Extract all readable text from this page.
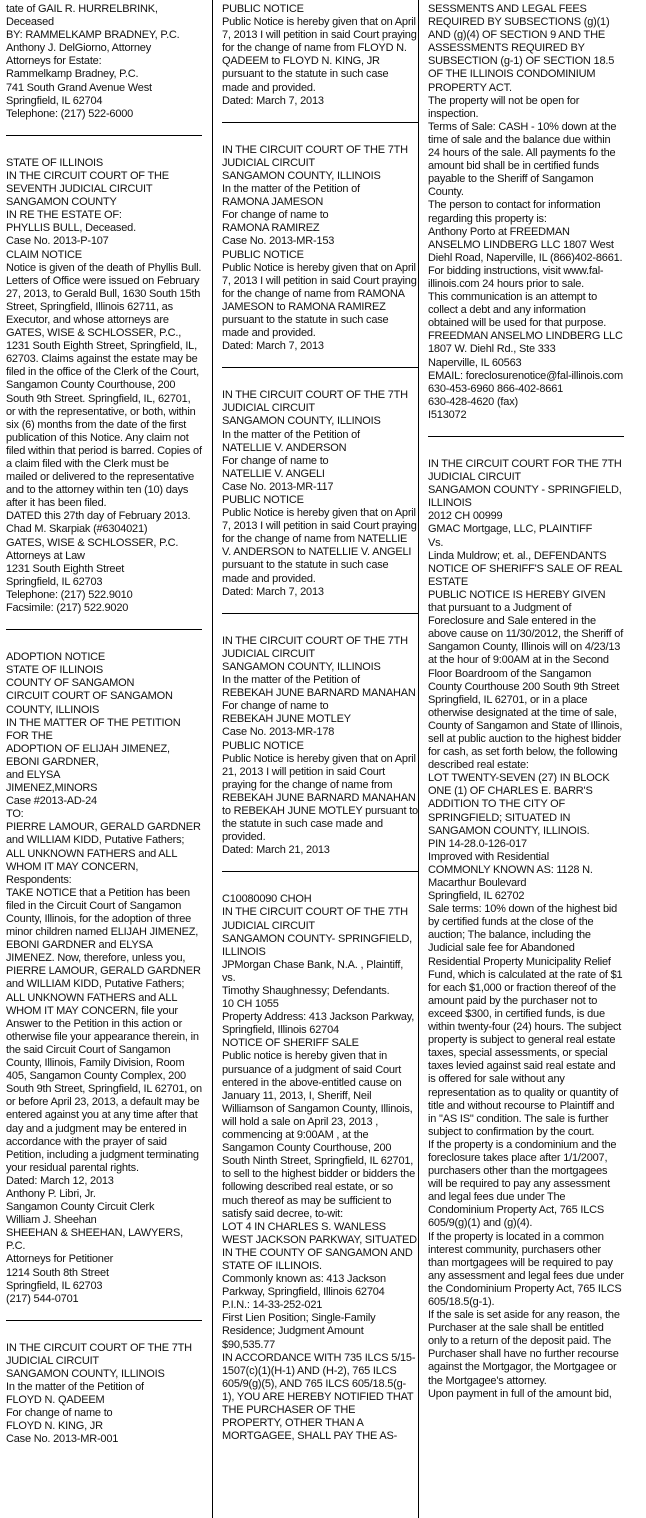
tate of GAIL R. HURRELBRINK, Deceased

BY: RAMMELKAMP BRADNEY, P.C.

Anthony J. DelGiorno, Attorney

Attorneys for Estate:

Rammelkamp Bradney, P.C.

741 South Grand Avenue West

Springfield, IL 62704

Telephone: (217) 522-6000

STATE OF ILLINOIS

IN THE CIRCUIT COURT OF THE SEVENTH JUDICIAL CIRCUIT

SANGAMON COUNTY

IN RE THE ESTATE OF:

PHYLLIS BULL, Deceased.

Case No. 2013-P-107

CLAIM NOTICE

Notice is given of the death of Phyllis Bull. Letters of Office were issued on February 27, 2013, to Gerald Bull, 1630 South 15th Street, Springfield, Illinois 62711, as Executor, and whose attorneys are GATES, WISE & SCHLOSSER, P.C., 1231 South Eighth Street, Springfield, IL, 62703. Claims against the estate may be filed in the office of the Clerk of the Court, Sangamon County Courthouse, 200 South 9th Street. Springfield, IL, 62701, or with the representative, or both, within six (6) months from the date of the first publication of this Notice. Any claim not filed within that period is barred. Copies of a claim filed with the Clerk must be mailed or delivered to the representative and to the attorney within ten (10) days after it has been filed.

DATED this 27th day of February 2013.

Chad M. Skarpiak (#6304021)

GATES, WISE & SCHLOSSER, P.C.

Attorneys at Law

1231 South Eighth Street

Springfield, IL 62703

Telephone: (217) 522.9010

Facsimile: (217) 522.9020

ADOPTION NOTICE

STATE OF ILLINOIS

COUNTY OF SANGAMON

CIRCUIT COURT OF SANGAMON COUNTY, ILLINOIS

IN THE MATTER OF THE PETITION FOR THE

ADOPTION OF ELIJAH JIMENEZ, EBONI GARDNER,

and ELYSA

JIMENEZ,MINORS

Case #2013-AD-24

TO:

PIERRE LAMOUR, GERALD GARDNER and WILLIAM KIDD, Putative Fathers; ALL UNKNOWN FATHERS and ALL WHOM IT MAY CONCERN, Respondents:

TAKE NOTICE that a Petition has been filed in the Circuit Court of Sangamon County, Illinois, for the adoption of three minor children named ELIJAH JIMENEZ, EBONI GARDNER and ELYSA JIMENEZ. Now, therefore, unless you, PIERRE LAMOUR, GERALD GARDNER and WILLIAM KIDD, Putative Fathers; ALL UNKNOWN FATHERS and ALL WHOM IT MAY CONCERN, file your Answer to the Petition in this action or otherwise file your appearance therein, in the said Circuit Court of Sangamon County, Illinois, Family Division, Room 405, Sangamon County Complex, 200 South 9th Street, Springfield, IL 62701, on or before April 23, 2013, a default may be entered against you at any time after that day and a judgment may be entered in accordance with the prayer of said Petition, including a judgment terminating your residual parental rights.

Dated: March 12, 2013

Anthony P. Libri, Jr.

Sangamon County Circuit Clerk

William J. Sheehan

SHEEHAN & SHEEHAN, LAWYERS, P.C.

Attorneys for Petitioner

1214 South 8th Street

Springfield, IL 62703

(217) 544-0701

IN THE CIRCUIT COURT OF THE 7TH JUDICIAL CIRCUIT

SANGAMON COUNTY, ILLINOIS

In the matter of the Petition of

FLOYD N. QADEEM

For change of name to

FLOYD N. KING, JR

Case No. 2013-MR-001

PUBLIC NOTICE

Public Notice is hereby given that on April 7, 2013 I will petition in said Court praying for the change of name from FLOYD N. QADEEM to FLOYD N. KING, JR pursuant to the statute in such case made and provided.

Dated: March 7, 2013

IN THE CIRCUIT COURT OF THE 7TH JUDICIAL CIRCUIT

SANGAMON COUNTY, ILLINOIS

In the matter of the Petition of

RAMONA JAMESON

For change of name to

RAMONA RAMIREZ

Case No. 2013-MR-153

PUBLIC NOTICE

Public Notice is hereby given that on April 7, 2013 I will petition in said Court praying for the change of name from RAMONA JAMESON to RAMONA RAMIREZ pursuant to the statute in such case made and provided.

Dated: March 7, 2013

IN THE CIRCUIT COURT OF THE 7TH JUDICIAL CIRCUIT

SANGAMON COUNTY, ILLINOIS

In the matter of the Petition of

NATELLIE V. ANDERSON

For change of name to

NATELLIE V. ANGELI

Case No. 2013-MR-117

PUBLIC NOTICE

Public Notice is hereby given that on April 7, 2013 I will petition in said Court praying for the change of name from NATELLIE V. ANDERSON to NATELLIE V. ANGELI

pursuant to the statute in such case made and provided.

Dated: March 7, 2013

IN THE CIRCUIT COURT OF THE 7TH JUDICIAL CIRCUIT

SANGAMON COUNTY, ILLINOIS

In the matter of the Petition of

REBEKAH JUNE BARNARD MANAHAN

For change of name to

REBEKAH JUNE MOTLEY

Case No. 2013-MR-178

PUBLIC NOTICE

Public Notice is hereby given that on April 21, 2013 I will petition in said Court praying for the change of name from REBEKAH JUNE BARNARD MANAHAN to REBEKAH JUNE MOTLEY pursuant to the statute in such case made and provided.

Dated: March 21, 2013

C10080090 CHOH

IN THE CIRCUIT COURT OF THE 7TH JUDICIAL CIRCUIT

SANGAMON COUNTY- SPRINGFIELD, ILLINOIS

JPMorgan Chase Bank, N.A. , Plaintiff,

vs.

Timothy Shaughnessy; Defendants.

10 CH 1055

Property Address: 413 Jackson Parkway, Springfield, Illinois 62704

NOTICE OF SHERIFF SALE

Public notice is hereby given that in pursuance of a judgment of said Court entered in the above-entitled cause on January 11, 2013, I, Sheriff, Neil Williamson of Sangamon County, Illinois, will hold a sale on April 23, 2013 , commencing at 9:00AM , at the Sangamon County Courthouse, 200 South Ninth Street, Springfield, IL 62701, to sell to the highest bidder or bidders the following described real estate, or so much thereof as may be sufficient to satisfy said decree, to-wit:

LOT 4 IN CHARLES S. WANLESS WEST JACKSON PARKWAY, SITUATED IN THE COUNTY OF SANGAMON AND STATE OF ILLINOIS.

Commonly known as: 413 Jackson Parkway, Springfield, Illinois 62704

P.I.N.: 14-33-252-021

First Lien Position; Single-Family Residence; Judgment Amount $90,535.77

IN ACCORDANCE WITH 735 ILCS 5/15-1507(c)(1)(H-1) AND (H-2), 765 ILCS 605/9(g)(5), AND 765 ILCS 605/18.5(g-1), YOU ARE HEREBY NOTIFIED THAT THE PURCHASER OF THE PROPERTY, OTHER THAN A MORTGAGEE, SHALL PAY THE AS-

SESSMENTS AND LEGAL FEES REQUIRED BY SUBSECTIONS (g)(1) AND (g)(4) OF SECTION 9 AND THE ASSESSMENTS REQUIRED BY SUBSECTION (g-1) OF SECTION 18.5 OF THE ILLINOIS CONDOMINIUM PROPERTY ACT.

The property will not be open for inspection.

Terms of Sale: CASH - 10% down at the time of sale and the balance due within 24 hours of the sale. All payments fo the amount bid shall be in certified funds payable to the Sheriff of Sangamon County.

The person to contact for information regarding this property is:

Anthony Porto at FREEDMAN ANSELMO LINDBERG LLC 1807 West Diehl Road, Naperville, IL (866)402-8661. For bidding instructions, visit www.fal-illinois.com 24 hours prior to sale.

This communication is an attempt to collect a debt and any information obtained will be used for that purpose.

FREEDMAN ANSELMO LINDBERG LLC

1807 W. Diehl Rd., Ste 333

Naperville, IL 60563

EMAIL: foreclosurenotice@fal-illinois.com

630-453-6960 866-402-8661

630-428-4620 (fax)

I513072

IN THE CIRCUIT COURT FOR THE 7TH JUDICIAL CIRCUIT

SANGAMON COUNTY - SPRINGFIELD, ILLINOIS

2012 CH 00999

GMAC Mortgage, LLC, PLAINTIFF

Vs.

Linda Muldrow; et. al., DEFENDANTS

NOTICE OF SHERIFF'S SALE OF REAL ESTATE

PUBLIC NOTICE IS HEREBY GIVEN that pursuant to a Judgment of Foreclosure and Sale entered in the above cause on 11/30/2012, the Sheriff of Sangamon County, Illinois will on 4/23/13 at the hour of 9:00AM at in the Second Floor Boardroom of the Sangamon County Courthouse 200 South 9th Street Springfield, IL 62701, or in a place otherwise designated at the time of sale, County of Sangamon and State of Illinois, sell at public auction to the highest bidder for cash, as set forth below, the following described real estate:

LOT TWENTY-SEVEN (27) IN BLOCK ONE (1) OF CHARLES E. BARR'S ADDITION TO THE CITY OF SPRINGFIELD; SITUATED IN SANGAMON COUNTY, ILLINOIS.

PIN 14-28.0-126-017

Improved with Residential

COMMONLY KNOWN AS: 1128 N. Macarthur Boulevard

Springfield, IL 62702

Sale terms: 10% down of the highest bid by certified funds at the close of the auction; The balance, including the Judicial sale fee for Abandoned Residential Property Municipality Relief Fund, which is calculated at the rate of $1 for each $1,000 or fraction thereof of the amount paid by the purchaser not to exceed $300, in certified funds, is due within twenty-four (24) hours. The subject property is subject to general real estate taxes, special assessments, or special taxes levied against said real estate and is offered for sale without any representation as to quality or quantity of title and without recourse to Plaintiff and in "AS IS" condition. The sale is further subject to confirmation by the court.

If the property is a condominium and the foreclosure takes place after 1/1/2007, purchasers other than the mortgagees will be required to pay any assessment and legal fees due under The Condominium Property Act, 765 ILCS 605/9(g)(1) and (g)(4).

If the property is located in a common interest community, purchasers other than mortgagees will be required to pay any assessment and legal fees due under the Condominium Property Act, 765 ILCS 605/18.5(g-1).

If the sale is set aside for any reason, the Purchaser at the sale shall be entitled only to a return of the deposit paid. The Purchaser shall have no further recourse against the Mortgagor, the Mortgagee or the Mortgagee's attorney.

Upon payment in full of the amount bid,
